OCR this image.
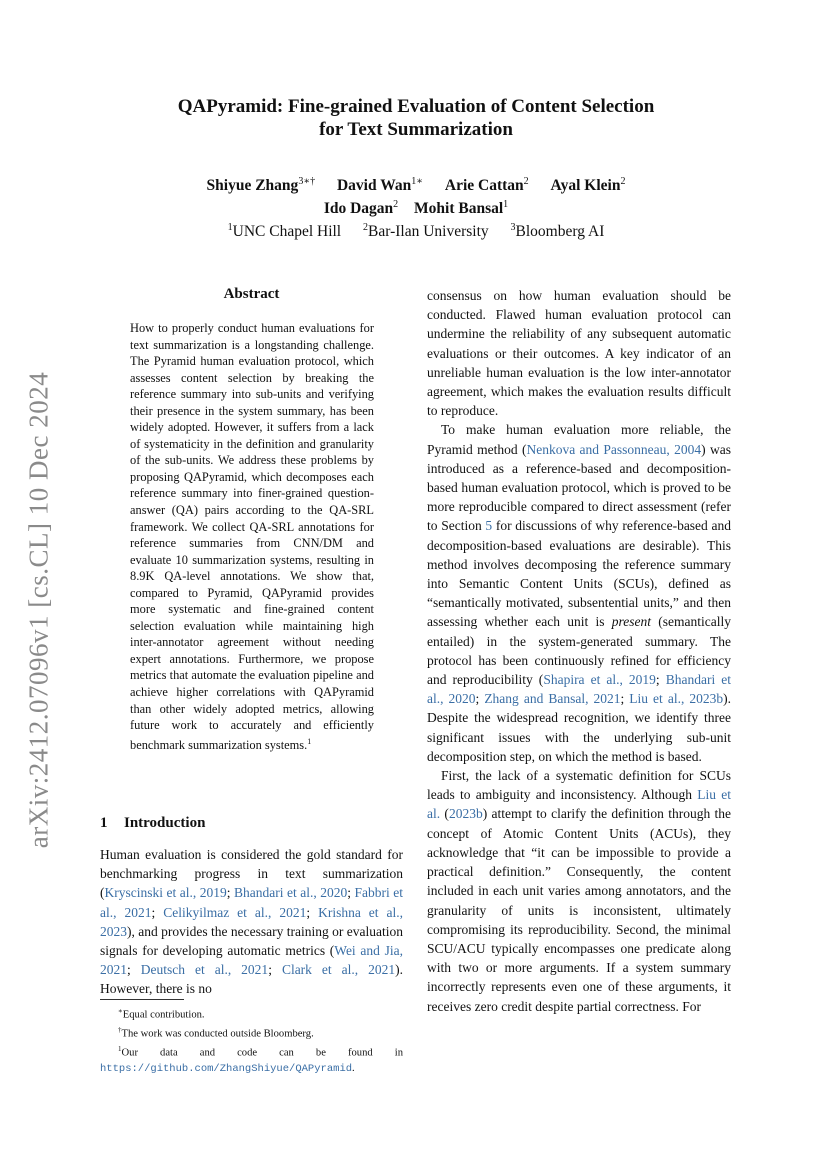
arXiv:2412.07096v1 [cs.CL] 10 Dec 2024
QAPyramid: Fine-grained Evaluation of Content Selection
for Text Summarization
Shiyue Zhang$^{3∗\dagger}$ David Wan$^{1∗}$ Arie Cattan$^2$ Ayal Klein$^2$
Ido Dagan$^2$ Mohit Bansal$^1$
$^1$UNC Chapel Hill $^2$Bar-Ilan University $^3$Bloomberg AI
Abstract
How to properly conduct human evaluations for text summarization is a longstanding challenge. The Pyramid human evaluation protocol, which assesses content selection by breaking the reference summary into sub-units and verifying their presence in the system summary, has been widely adopted. However, it suffers from a lack of systematicity in the definition and granularity of the sub-units. We address these problems by proposing QAPyramid, which decomposes each reference summary into finer-grained question-answer (QA) pairs according to the QA-SRL framework. We collect QA-SRL annotations for reference summaries from CNN/DM and evaluate 10 summarization systems, resulting in 8.9K QA-level annotations. We show that, compared to Pyramid, QAPyramid provides more systematic and fine-grained content selection evaluation while maintaining high inter-annotator agreement without needing expert annotations. Furthermore, we propose metrics that automate the evaluation pipeline and achieve higher correlations with QAPyramid than other widely adopted metrics, allowing future work to accurately and efficiently benchmark summarization systems.$^1$
1 Introduction
Human evaluation is considered the gold standard for benchmarking progress in text summarization (Kryscinski et al., 2019; Bhandari et al., 2020; Fabbri et al., 2021; Celikyilmaz et al., 2021; Krishna et al., 2023), and provides the necessary training or evaluation signals for developing automatic metrics (Wei and Jia, 2021; Deutsch et al., 2021; Clark et al., 2021). However, there is no

∗Equal contribution.

†The work was conducted outside Bloomberg.

$^1$Our data and code can be found in https://github.com/ZhangShiyue/QAPyramid.

consensus on how human evaluation should be conducted. Flawed human evaluation protocol can undermine the reliability of any subsequent automatic evaluations or their outcomes. A key indicator of an unreliable human evaluation is the low inter-annotator agreement, which makes the evaluation results difficult to reproduce.

To make human evaluation more reliable, the Pyramid method (Nenkova and Passonneau, 2004) was introduced as a reference-based and decomposition-based human evaluation protocol, which is proved to be more reproducible compared to direct assessment (refer to Section 5 for discussions of why reference-based and decomposition-based evaluations are desirable). This method involves decomposing the reference summary into Semantic Content Units (SCUs), defined as “semantically motivated, subsentential units,” and then assessing whether each unit is present (semantically entailed) in the system-generated summary. The protocol has been continuously refined for efficiency and reproducibility (Shapira et al., 2019; Bhandari et al., 2020; Zhang and Bansal, 2021; Liu et al., 2023b). Despite the widespread recognition, we identify three significant issues with the underlying sub-unit decomposition step, on which the method is based.

First, the lack of a systematic definition for SCUs leads to ambiguity and inconsistency. Although Liu et al. (2023b) attempt to clarify the definition through the concept of Atomic Content Units (ACUs), they acknowledge that “it can be impossible to provide a practical definition.” Consequently, the content included in each unit varies among annotators, and the granularity of units is inconsistent, ultimately compromising its reproducibility. Second, the minimal SCU/ACU typically encompasses one predicate along with two or more arguments. If a system summary incorrectly represents even one of these arguments, it receives zero credit despite partial correctness. For
